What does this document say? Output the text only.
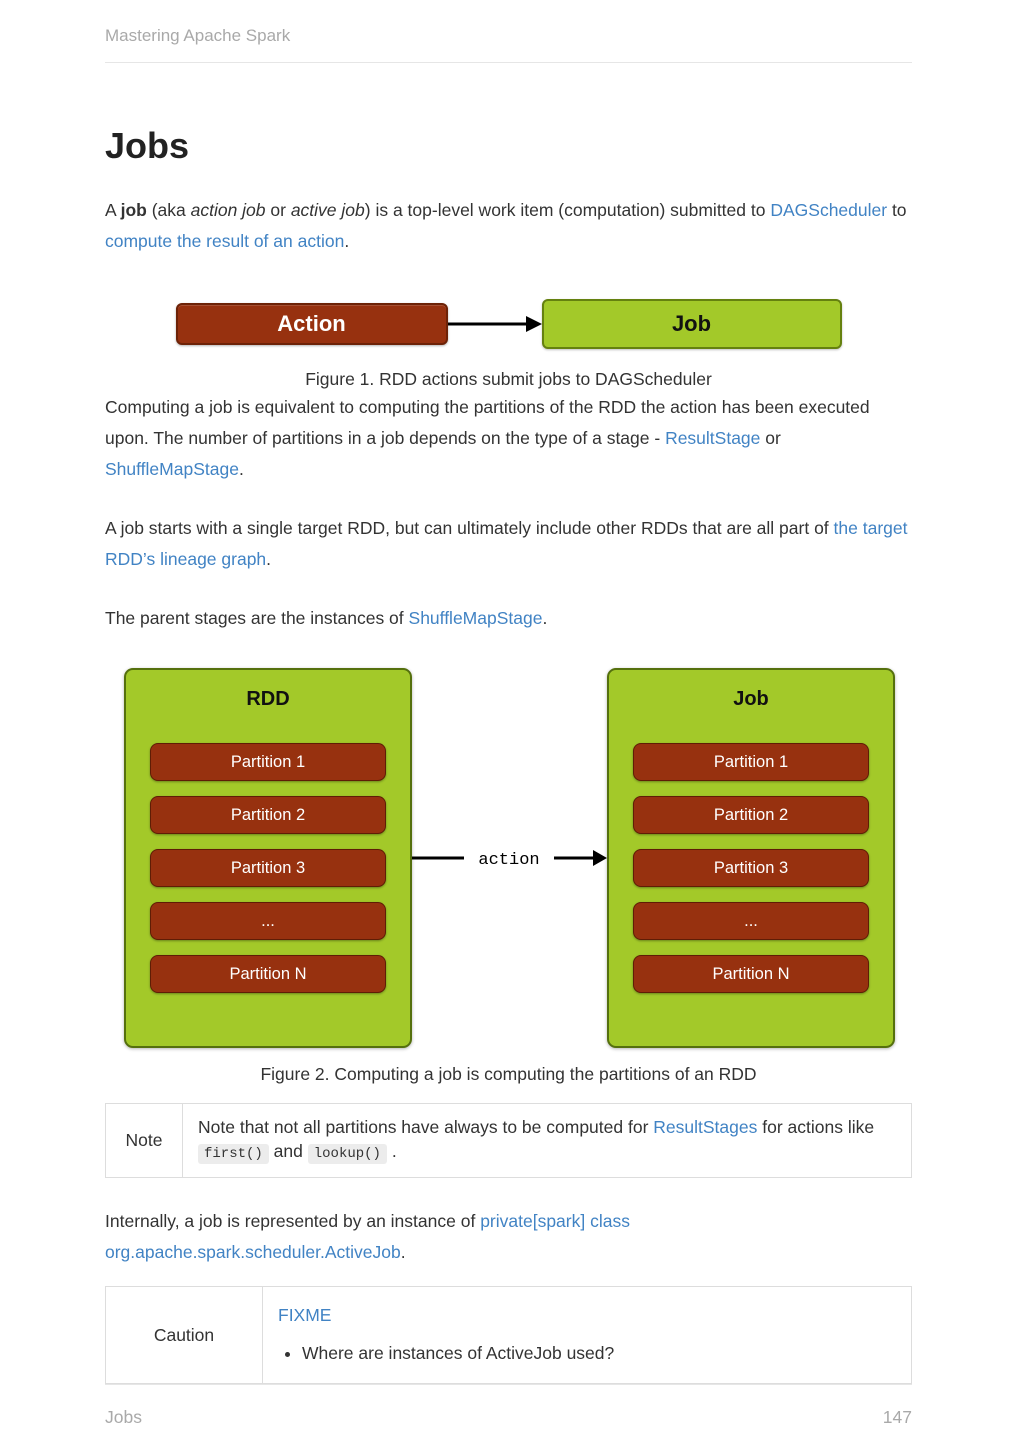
Mastering Apache Spark
Jobs

A job (aka action job or active job) is a top-level work item (computation) submitted to DAGScheduler to compute the result of an action.

Action	Job
Figure 1. RDD actions submit jobs to DAGScheduler

Computing a job is equivalent to computing the partitions of the RDD the action has been executed upon. The number of partitions in a job depends on the type of a stage - ResultStage or ShuffleMapStage.

A job starts with a single target RDD, but can ultimately include other RDDs that are all part of the target RDD’s lineage graph.

The parent stages are the instances of ShuffleMapStage.

RDD
Partition 1
Partition 2
Partition 3
...
Partition N
action
Job
Partition 1
Partition 2
Partition 3
...
Partition N
Figure 2. Computing a job is computing the partitions of an RDD
Note	Note that not all partitions have always to be computed for ResultStages for actions like first() and lookup() .

Internally, a job is represented by an instance of private[spark] class org.apache.spark.scheduler.ActiveJob.

Caution	FIXME
• Where are instances of ActiveJob used?
Jobs	147
